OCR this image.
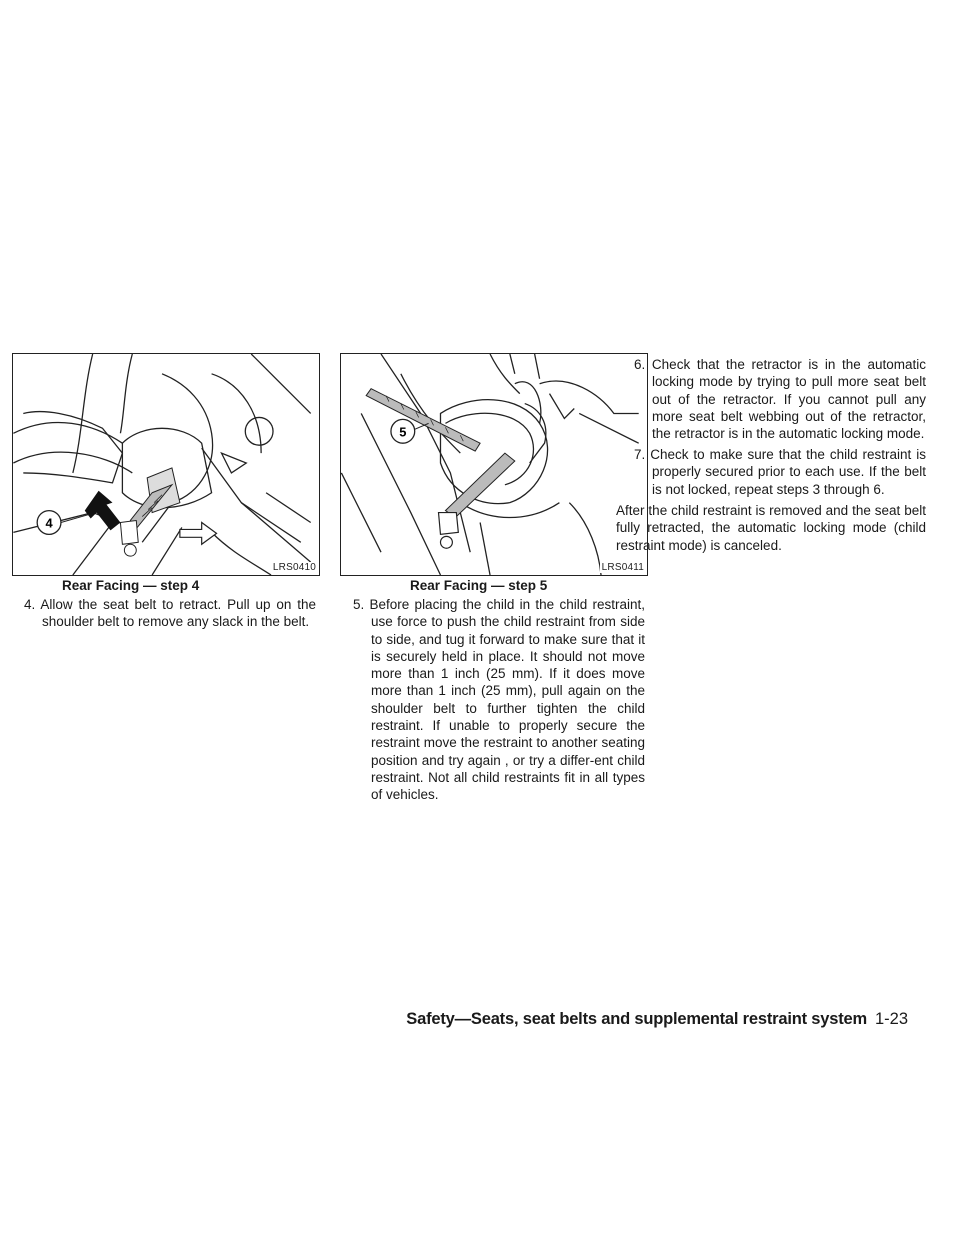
4
LRS0410
Rear Facing — step 4
5
LRS0411
Rear Facing — step 5
4. Allow the seat belt to retract. Pull up on the shoulder belt to remove any slack in the belt.
5. Before placing the child in the child restraint, use force to push the child restraint from side to side, and tug it forward to make sure that it is securely held in place. It should not move more than 1 inch (25 mm). If it does move more than 1 inch (25 mm), pull again on the shoulder belt to further tighten the child restraint. If unable to properly secure the restraint move the restraint to another seating position and try again , or try a differ-ent child restraint. Not all child restraints fit in all types of vehicles.
6. Check that the retractor is in the automatic locking mode by trying to pull more seat belt out of the retractor. If you cannot pull any more seat belt webbing out of the retractor, the retractor is in the automatic locking mode.
7. Check to make sure that the child restraint is properly secured prior to each use. If the belt is not locked, repeat steps 3 through 6.
After the child restraint is removed and the seat belt fully retracted, the automatic locking mode (child restraint mode) is canceled.
Safety—Seats, seat belts and supplemental restraint system 1-23
